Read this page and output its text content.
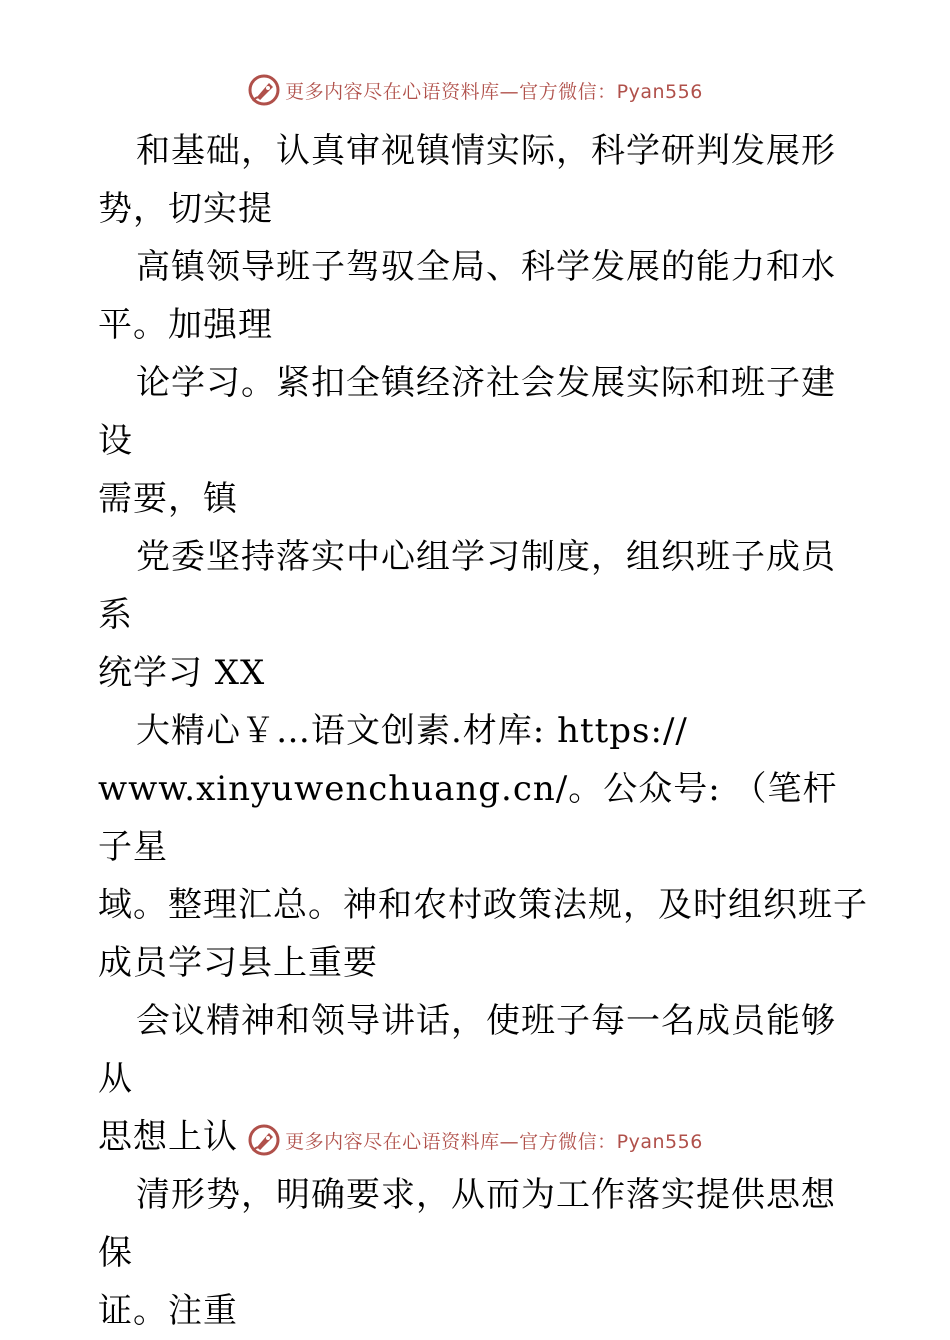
更多内容尽在心语资料库—官方微信：Pyan556

和基础，认真审视镇情实际，科学研判发展形

势，切实提

高镇领导班子驾驭全局、科学发展的能力和水

平。加强理

论学习。紧扣全镇经济社会发展实际和班子建设

需要，镇

党委坚持落实中心组学习制度，组织班子成员系

统学习 XX

大精心￥…语文创素.材库: https://

www.xinyuwenchuang.cn/。公众号: （笔杆子星

域。整理汇总。神和农村政策法规，及时组织班子

成员学习县上重要

会议精神和领导讲话，使班子每一名成员能够从

思想上认

清形势，明确要求，从而为工作落实提供思想保

证。注重

更多内容尽在心语资料库—官方微信：Pyan556
